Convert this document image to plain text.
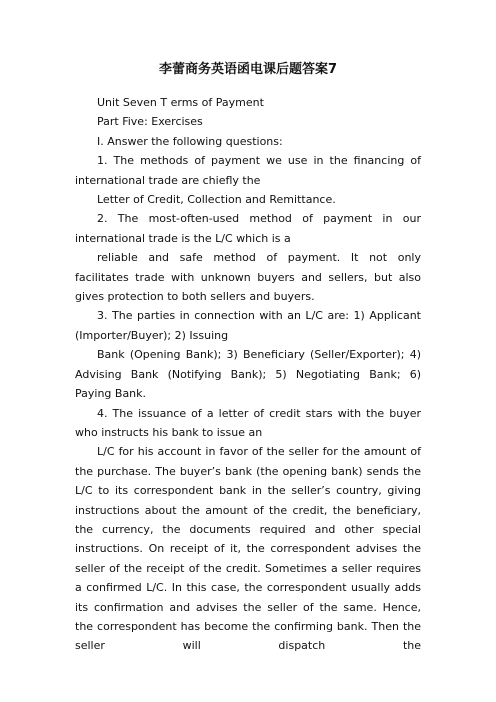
李蕾商务英语函电课后题答案7

Unit Seven T erms of Payment

Part Five: Exercises

I. Answer the following questions:

1. The methods of payment we use in the financing of international trade are chiefly the

Letter of Credit, Collection and Remittance.

2. The most-often-used method of payment in our international trade is the L/C which is a

reliable and safe method of payment. It not only facilitates trade with unknown buyers and sellers, but also gives protection to both sellers and buyers.

3. The parties in connection with an L/C are: 1) Applicant (Importer/Buyer); 2) Issuing

Bank (Opening Bank); 3) Beneficiary (Seller/Exporter); 4) Advising Bank (Notifying Bank); 5) Negotiating Bank; 6) Paying Bank.

4. The issuance of a letter of credit stars with the buyer who instructs his bank to issue an

L/C for his account in favor of the seller for the amount of the purchase. The buyer’s bank (the opening bank) sends the L/C to its correspondent bank in the seller’s country, giving instructions about the amount of the credit, the beneficiary, the currency, the documents required and other special instructions. On receipt of it, the correspondent advises the seller of the receipt of the credit. Sometimes a seller requires a confirmed L/C. In this case, the correspondent usually adds its confirmation and advises the seller of the same. Hence, the correspondent has become the confirming bank. Then the seller will dispatch the
